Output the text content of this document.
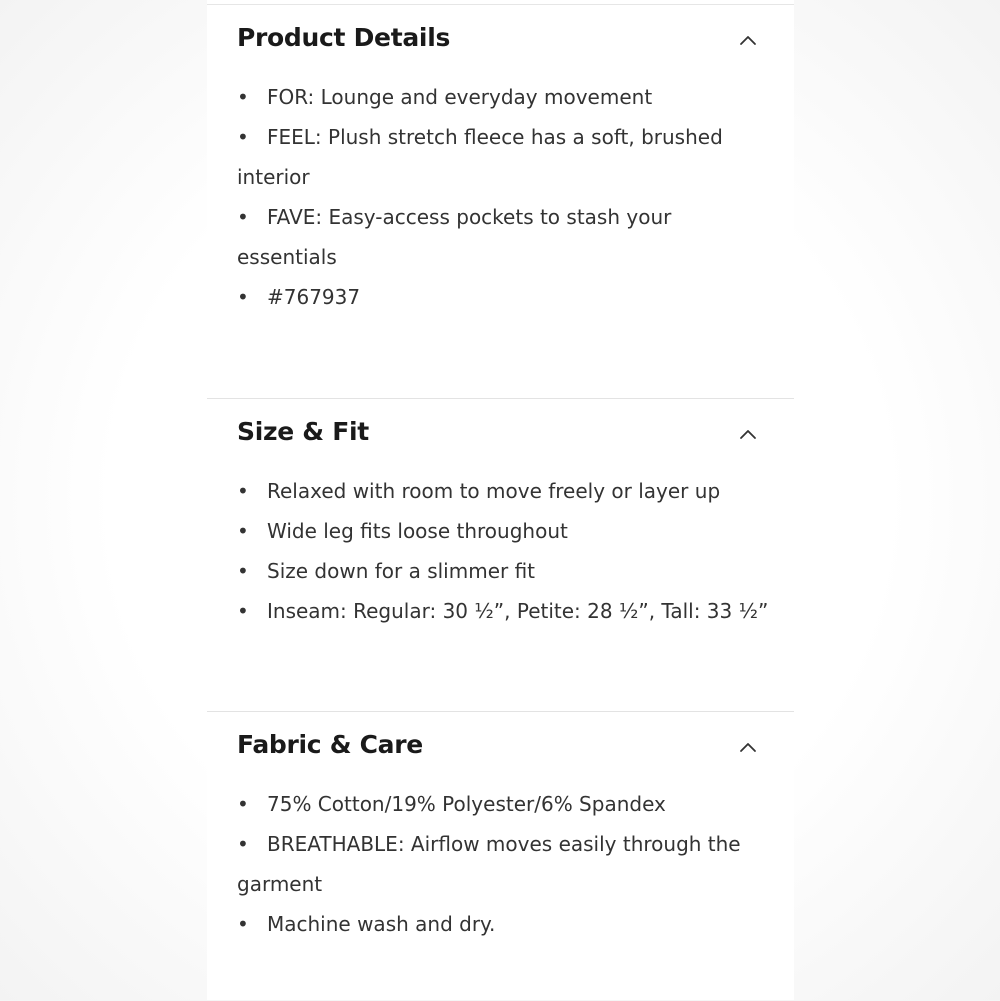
Product Details
• FOR: Lounge and everyday movement
• FEEL: Plush stretch fleece has a soft, brushed interior
• FAVE: Easy-access pockets to stash your essentials
• #767937
Size & Fit
• Relaxed with room to move freely or layer up
• Wide leg fits loose throughout
• Size down for a slimmer fit
• Inseam: Regular: 30 ½”, Petite: 28 ½”, Tall: 33 ½”
Fabric & Care
• 75% Cotton/19% Polyester/6% Spandex
• BREATHABLE: Airflow moves easily through the garment
• Machine wash and dry.
